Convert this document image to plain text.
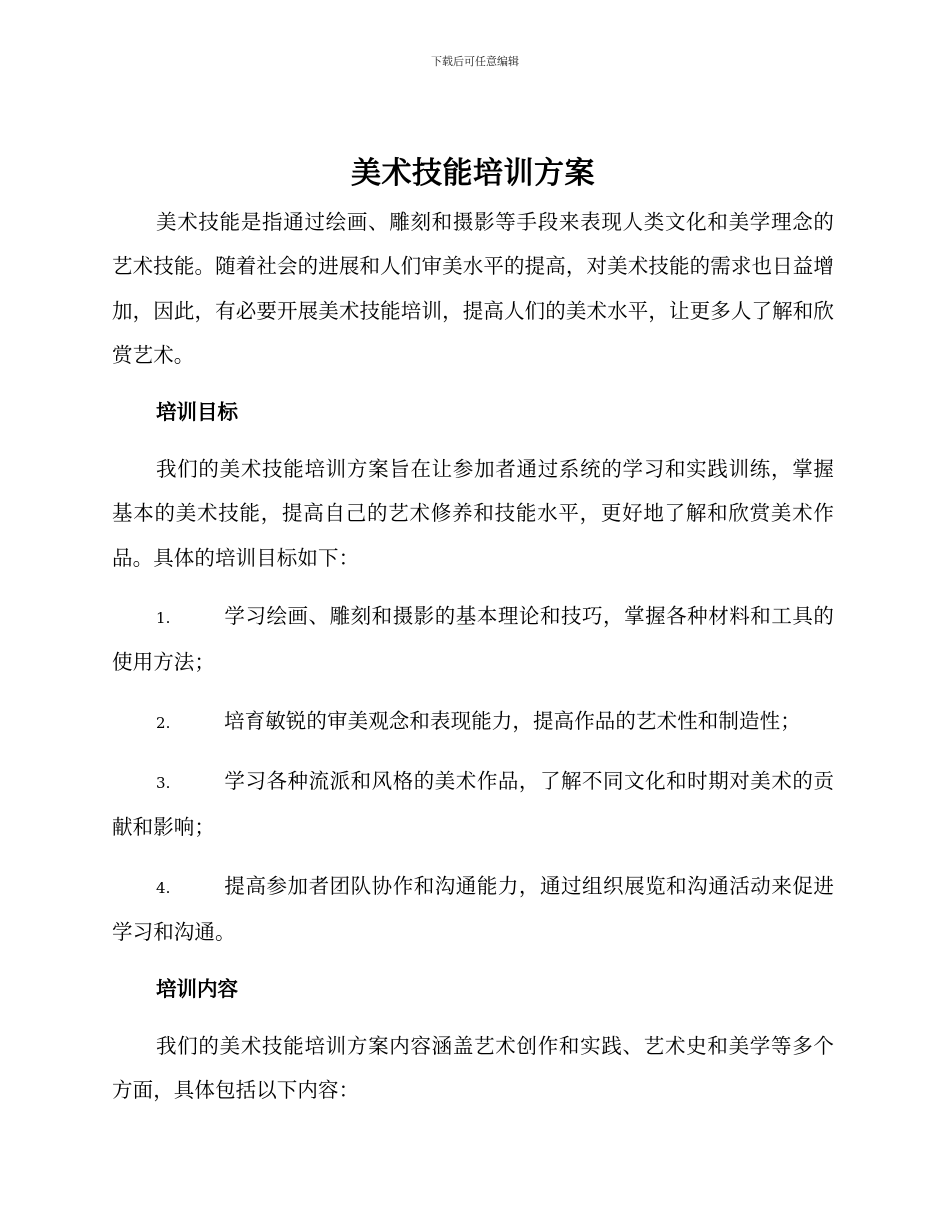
下载后可任意编辑
美术技能培训方案

美术技能是指通过绘画、雕刻和摄影等手段来表现人类文化和美学理念的艺术技能。随着社会的进展和人们审美水平的提高，对美术技能的需求也日益增加，因此，有必要开展美术技能培训，提高人们的美术水平，让更多人了解和欣赏艺术。

培训目标

我们的美术技能培训方案旨在让参加者通过系统的学习和实践训练，掌握基本的美术技能，提高自己的艺术修养和技能水平，更好地了解和欣赏美术作品。具体的培训目标如下：

1.	学习绘画、雕刻和摄影的基本理论和技巧，掌握各种材料和工具的使用方法；

2.	培育敏锐的审美观念和表现能力，提高作品的艺术性和制造性；

3.	学习各种流派和风格的美术作品，了解不同文化和时期对美术的贡献和影响；

4.	提高参加者团队协作和沟通能力，通过组织展览和沟通活动来促进学习和沟通。

培训内容

我们的美术技能培训方案内容涵盖艺术创作和实践、艺术史和美学等多个方面，具体包括以下内容：
